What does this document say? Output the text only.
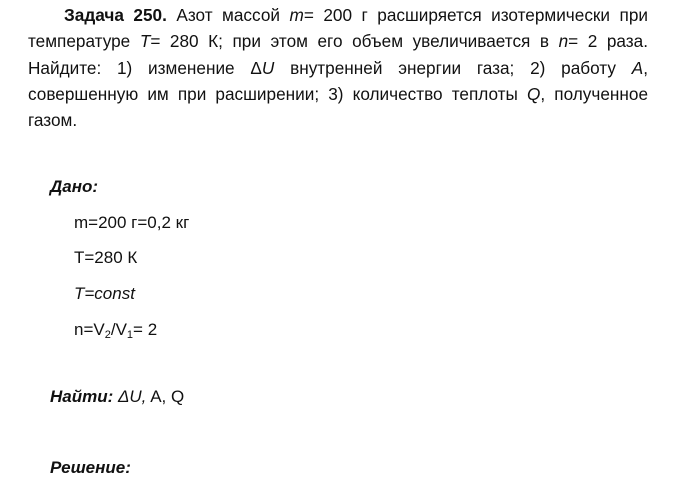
Задача 250. Азот массой m= 200 г расширяется изотермически при температуре T= 280 К; при этом его объем увеличивается в n= 2 раза. Найдите: 1) изменение ΔU внутренней энергии газа; 2) работу A, совершенную им при расширении; 3) количество теплоты Q, полученное газом.
Дано:
m=200 г=0,2 кг
T=280 К
T=const
$n=V_2/V_1= 2$
Найти: ΔU, A, Q
Решение:
